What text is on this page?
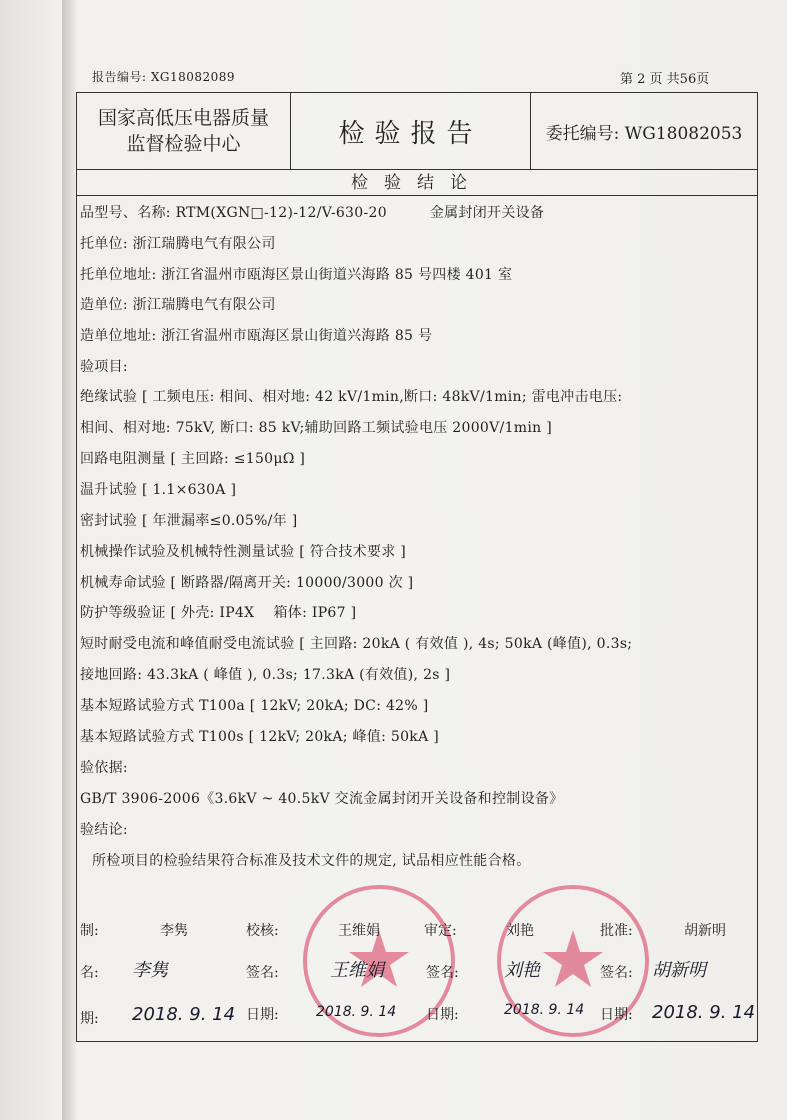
报告编号: XG18082089	第 2 页 共56页
国家高低压电器质量
监督检验中心	检验报告	委托编号: WG18082053
检验结论
品型号、名称: RTM(XGN□-12)-12/V-630-20　　　金属封闭开关设备
托单位: 浙江瑞腾电气有限公司
托单位地址: 浙江省温州市瓯海区景山街道兴海路 85 号四楼 401 室
造单位: 浙江瑞腾电气有限公司
造单位地址: 浙江省温州市瓯海区景山街道兴海路 85 号
验项目:
绝缘试验 [ 工频电压: 相间、相对地: 42 kV/1min,断口: 48kV/1min; 雷电冲击电压:
相间、相对地: 75kV, 断口: 85 kV;辅助回路工频试验电压 2000V/1min ]
回路电阻测量 [ 主回路: ≤150μΩ ]
温升试验 [ 1.1×630A ]
密封试验 [ 年泄漏率≤0.05%/年 ]
机械操作试验及机械特性测量试验 [ 符合技术要求 ]
机械寿命试验 [ 断路器/隔离开关: 10000/3000 次 ]
防护等级验证 [ 外壳: IP4X　 箱体: IP67 ]
短时耐受电流和峰值耐受电流试验 [ 主回路: 20kA ( 有效值 ), 4s; 50kA (峰值), 0.3s;
接地回路: 43.3kA ( 峰值 ), 0.3s; 17.3kA (有效值), 2s ]
基本短路试验方式 T100a [ 12kV; 20kA; DC: 42% ]
基本短路试验方式 T100s [ 12kV; 20kA; 峰值: 50kA ]
验依据:
GB/T 3906-2006《3.6kV ~ 40.5kV 交流金属封闭开关设备和控制设备》
验结论:
所检项目的检验结果符合标准及技术文件的规定, 试品相应性能合格。
制:	李隽	校核:	王维娟	审定:	刘艳	批准:	胡新明
名: 李隽	签名:	王维娟	签名:	刘艳	签名: 胡新明
期: 2018. 9. 14 日期:	2018. 9. 14 日期:	2018. 9. 14 日期: 2018. 9. 14
